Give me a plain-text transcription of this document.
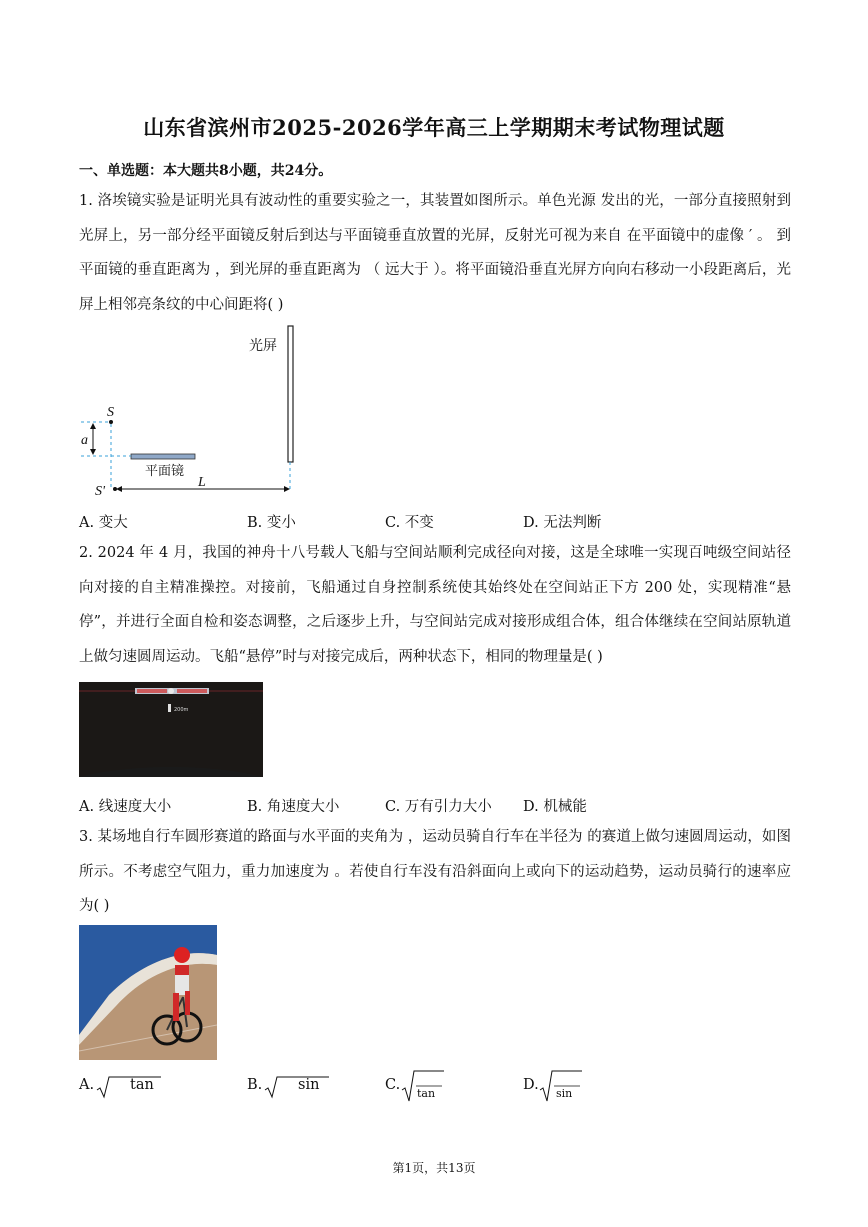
山东省滨州市2025-2026学年高三上学期期末考试物理试题
一、单选题：本大题共8小题，共24分。
1. 洛埃镜实验是证明光具有波动性的重要实验之一，其装置如图所示。单色光源 发出的光，一部分直接照射到光屏上，另一部分经平面镜反射后到达与平面镜垂直放置的光屏，反射光可视为来自 在平面镜中的虚像 ′ 。 到平面镜的垂直距离为 ，到光屏的垂直距离为 （ 远大于 ）。将平面镜沿垂直光屏方向向右移动一小段距离后，光屏上相邻亮条纹的中心间距将( )
光屏
平面镜
S
S'
a
L
A. 变大	B. 变小	C. 不变	D. 无法判断
2. 2024 年 4 月，我国的神舟十八号载人飞船与空间站顺利完成径向对接，这是全球唯一实现百吨级空间站径向对接的自主精准操控。对接前，飞船通过自身控制系统使其始终处在空间站正下方 200 处，实现精准“悬停”，并进行全面自检和姿态调整，之后逐步上升，与空间站完成对接形成组合体，组合体继续在空间站原轨道上做匀速圆周运动。飞船“悬停”时与对接完成后，两种状态下，相同的物理量是( )
200m
A. 线速度大小	B. 角速度大小	C. 万有引力大小 D. 机械能
3. 某场地自行车圆形赛道的路面与水平面的夹角为 ，运动员骑自行车在半径为 的赛道上做匀速圆周运动，如图所示。不考虑空气阻力，重力加速度为 。若使自行车没有沿斜面向上或向下的运动趋势，运动员骑行的速率应为( )
A. tan	B. sin	C.
tan
D.
sin
第1页，共13页
